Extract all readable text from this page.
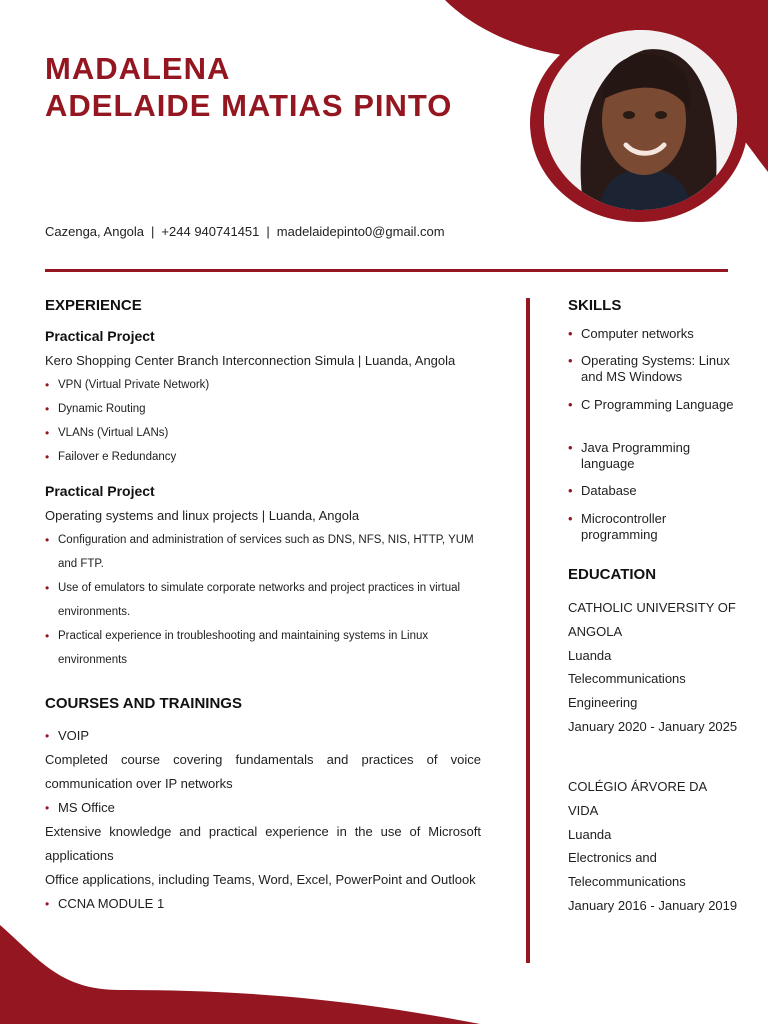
MADALENA
ADELAIDE MATIAS PINTO
Cazenga, Angola | +244 940741451 | madelaidepinto0@gmail.com
EXPERIENCE
Practical Project
Kero Shopping Center Branch Interconnection Simula | Luanda, Angola
• VPN (Virtual Private Network)
• Dynamic Routing
• VLANs (Virtual LANs)
• Failover e Redundancy
Practical Project
Operating systems and linux projects | Luanda, Angola
• Configuration and administration of services such as DNS, NFS, NIS, HTTP, YUM and FTP.
• Use of emulators to simulate corporate networks and project practices in virtual environments.
• Practical experience in troubleshooting and maintaining systems in Linux environments
COURSES AND TRAININGS
• VOIP
Completed course covering fundamentals and practices of voice communication over IP networks
• MS Office
Extensive knowledge and practical experience in the use of Microsoft applications
Office applications, including Teams, Word, Excel, PowerPoint and Outlook
• CCNA MODULE 1
SKILLS
• Computer networks
• Operating Systems: Linux and MS Windows
• C Programming Language
• Java Programming language
• Database
• Microcontroller programming
EDUCATION
CATHOLIC UNIVERSITY OF ANGOLA
Luanda
Telecommunications Engineering
January 2020 - January 2025
COLÉGIO ÁRVORE DA VIDA
Luanda
Electronics and Telecommunications
January 2016 - January 2019
